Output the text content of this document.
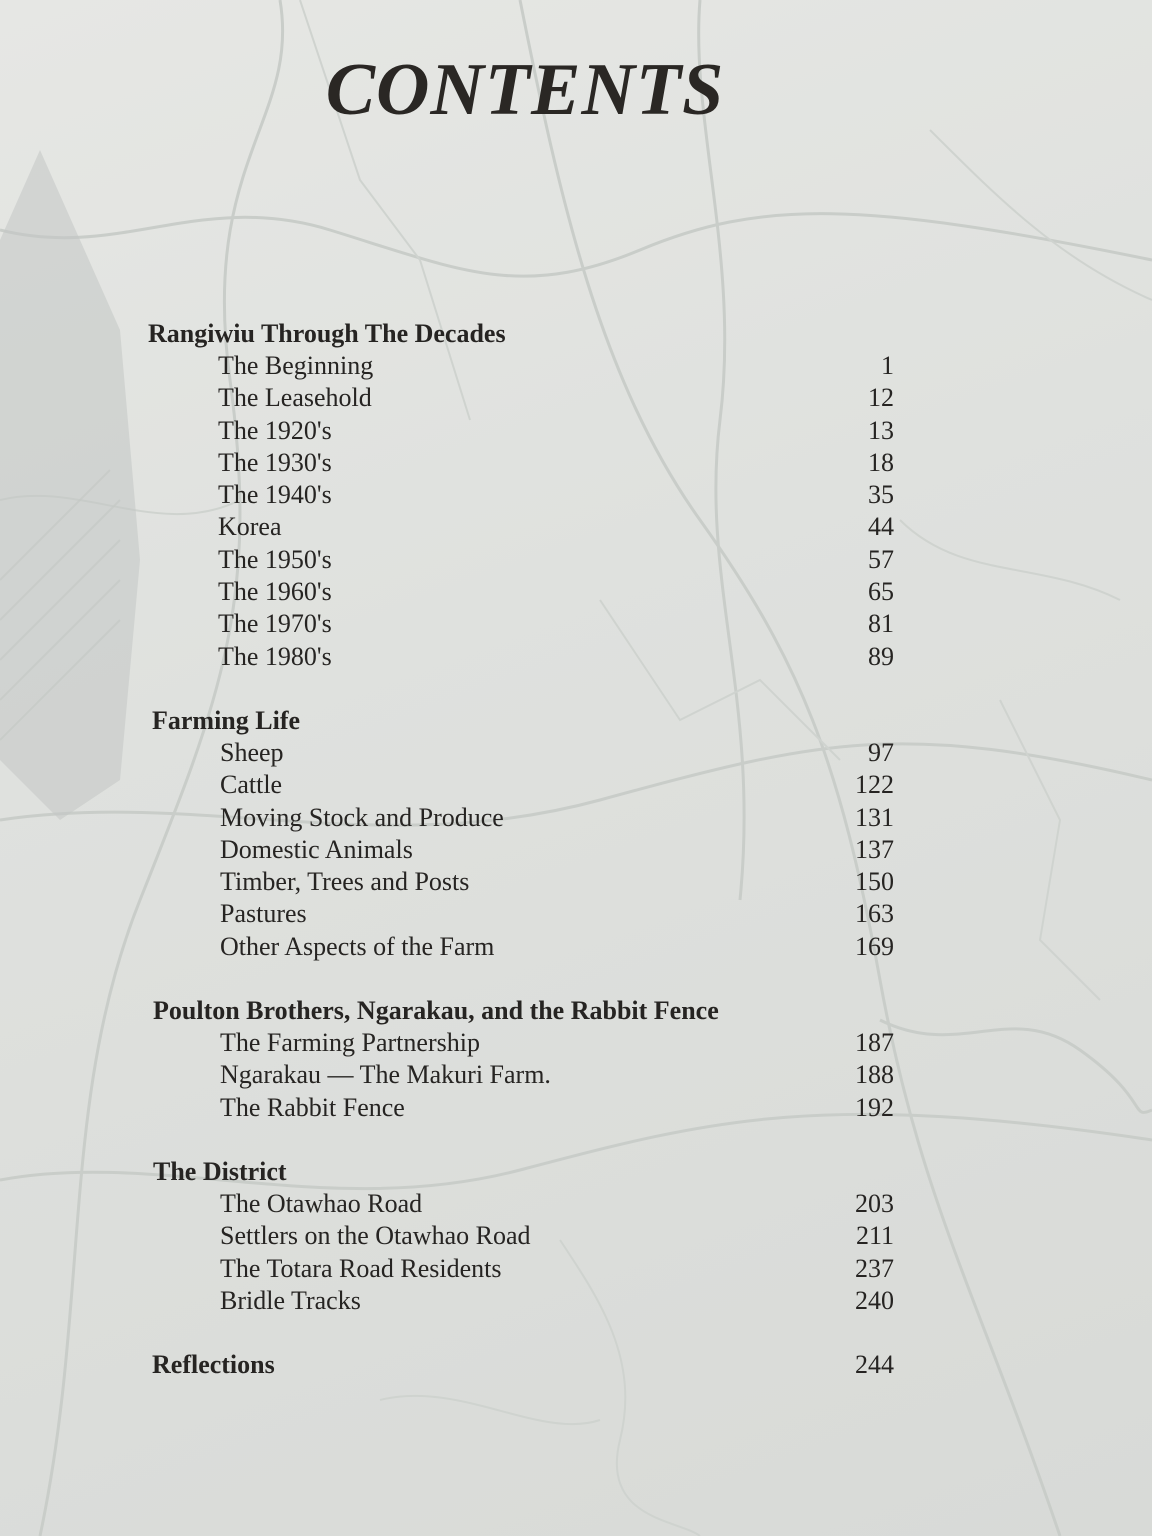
CONTENTS
Rangiwiu Through The Decades
The Beginning	1
The Leasehold	12
The 1920's	13
The 1930's	18
The 1940's	35
Korea	44
The 1950's	57
The 1960's	65
The 1970's	81
The 1980's	89
Farming Life
Sheep	97
Cattle	122
Moving Stock and Produce	131
Domestic Animals	137
Timber, Trees and Posts	150
Pastures	163
Other Aspects of the Farm	169
Poulton Brothers, Ngarakau, and the Rabbit Fence
The Farming Partnership	187
Ngarakau — The Makuri Farm.	188
The Rabbit Fence	192
The District
The Otawhao Road	203
Settlers on the Otawhao Road	211
The Totara Road Residents	237
Bridle Tracks	240
Reflections	244
